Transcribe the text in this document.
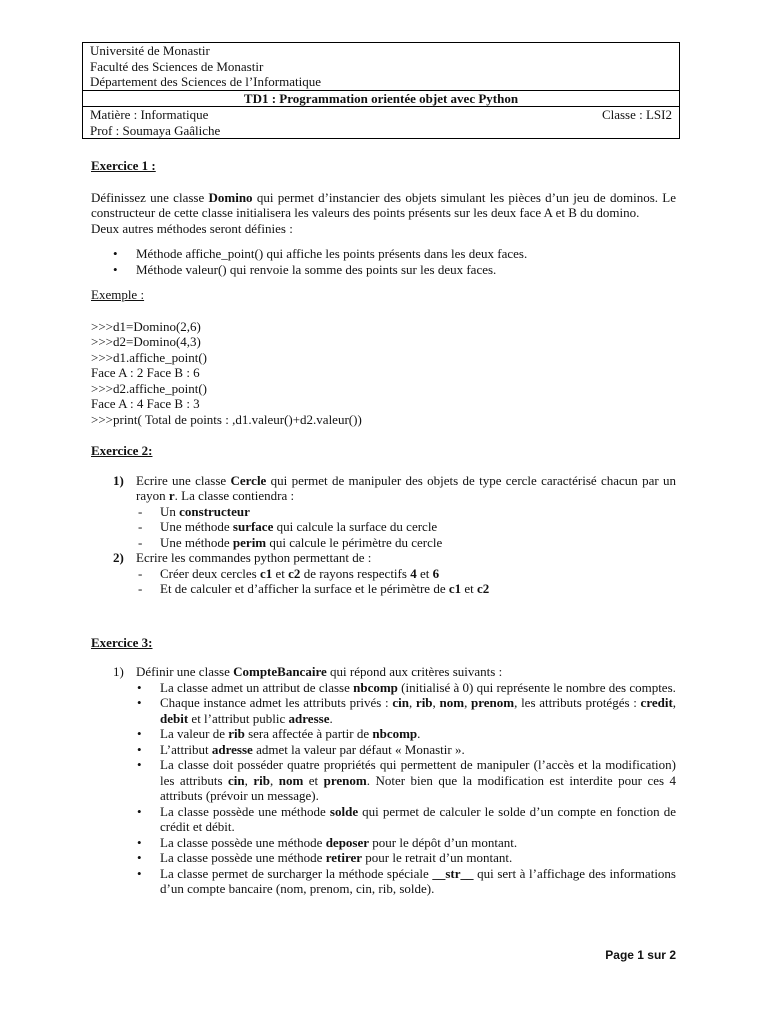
Université de Monastir
Faculté des Sciences de Monastir
Département des Sciences de l’Informatique
TD1 : Programmation orientée objet avec Python
Matière : Informatique	Classe : LSI2
Prof : Soumaya Gaâliche
Exercice 1 :
Définissez une classe Domino qui permet d’instancier des objets simulant les pièces d’un jeu de dominos. Le constructeur de cette classe initialisera les valeurs des points présents sur les deux face A et B du domino.
Deux autres méthodes seront définies :
• Méthode affiche_point() qui affiche les points présents dans les deux faces.
• Méthode valeur() qui renvoie la somme des points sur les deux faces.
Exemple :
>>>d1=Domino(2,6)
>>>d2=Domino(4,3)
>>>d1.affiche_point()
Face A : 2 Face B : 6
>>>d2.affiche_point()
Face A : 4 Face B : 3
>>>print( Total de points : ,d1.valeur()+d2.valeur())
Exercice 2:
1) Ecrire une classe Cercle qui permet de manipuler des objets de type cercle caractérisé chacun par un rayon r. La classe contiendra :
- Un constructeur
- Une méthode surface qui calcule la surface du cercle
- Une méthode perim qui calcule le périmètre du cercle
2) Ecrire les commandes python permettant de :
- Créer deux cercles c1 et c2 de rayons respectifs 4 et 6
- Et de calculer et d’afficher la surface et le périmètre de c1 et c2
Exercice 3:
1) Définir une classe CompteBancaire qui répond aux critères suivants :
• La classe admet un attribut de classe nbcomp (initialisé à 0) qui représente le nombre des comptes.
• Chaque instance admet les attributs privés : cin, rib, nom, prenom, les attributs protégés : credit, debit et l’attribut public adresse.
• La valeur de rib sera affectée à partir de nbcomp.
• L’attribut adresse admet la valeur par défaut « Monastir ».
• La classe doit posséder quatre propriétés qui permettent de manipuler (l’accès et la modification) les attributs cin, rib, nom et prenom. Noter bien que la modification est interdite pour ces 4 attributs (prévoir un message).
• La classe possède une méthode solde qui permet de calculer le solde d’un compte en fonction de crédit et débit.
• La classe possède une méthode deposer pour le dépôt d’un montant.
• La classe possède une méthode retirer pour le retrait d’un montant.
• La classe permet de surcharger la méthode spéciale __str__ qui sert à l’affichage des informations d’un compte bancaire (nom, prenom, cin, rib, solde).
Page 1 sur 2
